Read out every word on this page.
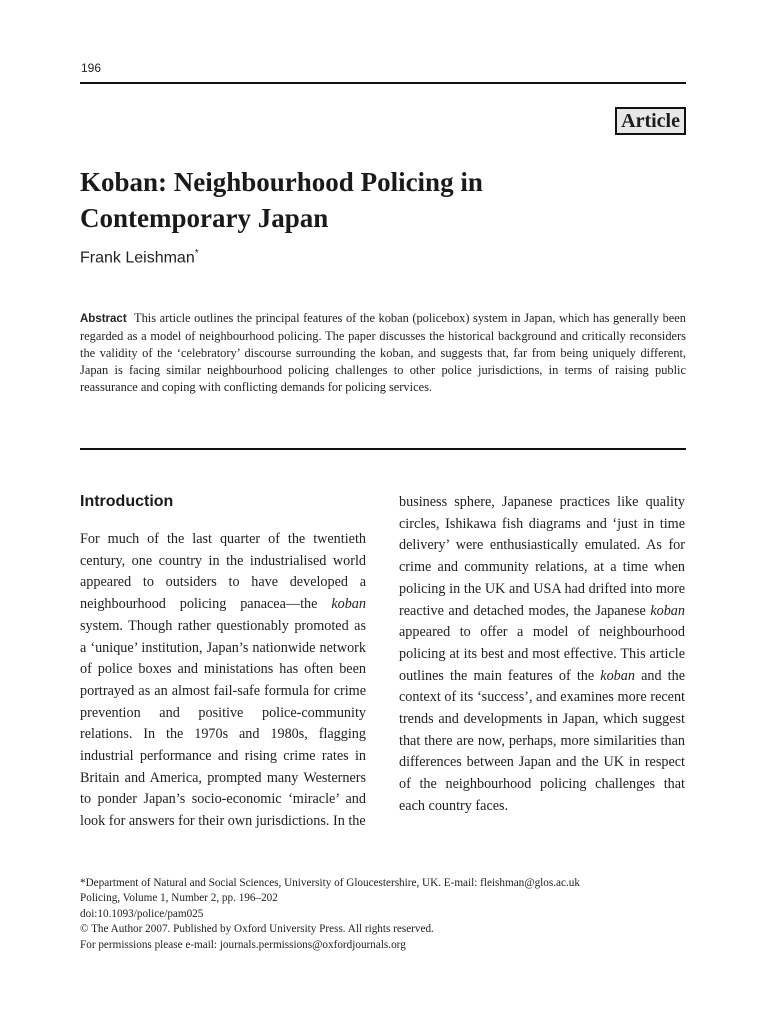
196
Article
Koban: Neighbourhood Policing in
Contemporary Japan
Frank Leishman*

Abstract This article outlines the principal features of the koban (policebox) system in Japan, which has generally been regarded as a model of neighbourhood policing. The paper discusses the historical background and critically reconsiders the validity of the ‘celebratory’ discourse surrounding the koban, and suggests that, far from being uniquely different, Japan is facing similar neighbourhood policing challenges to other police jurisdictions, in terms of raising public reassurance and coping with conflicting demands for policing services.

Introduction

For much of the last quarter of the twentieth century, one country in the industrialised world appeared to outsiders to have developed a neighbourhood policing panacea—the koban system. Though rather questionably promoted as a ‘unique’ institution, Japan’s nationwide network of police boxes and ministations has often been portrayed as an almost fail-safe formula for crime prevention and positive police-community relations. In the 1970s and 1980s, flagging industrial performance and rising crime rates in Britain and America, prompted many Westerners to ponder Japan’s socio-economic ‘miracle’ and look for answers for their own jurisdictions. In the

business sphere, Japanese practices like quality circles, Ishikawa fish diagrams and ‘just in time delivery’ were enthusiastically emulated. As for crime and community relations, at a time when policing in the UK and USA had drifted into more reactive and detached modes, the Japanese koban appeared to offer a model of neighbourhood policing at its best and most effective. This article outlines the main features of the koban and the context of its ‘success’, and examines more recent trends and developments in Japan, which suggest that there are now, perhaps, more similarities than differences between Japan and the UK in respect of the neighbourhood policing challenges that each country faces.

*Department of Natural and Social Sciences, University of Gloucestershire, UK. E-mail: fleishman@glos.ac.uk
Policing, Volume 1, Number 2, pp. 196–202
doi:10.1093/police/pam025
© The Author 2007. Published by Oxford University Press. All rights reserved.
For permissions please e-mail: journals.permissions@oxfordjournals.org
